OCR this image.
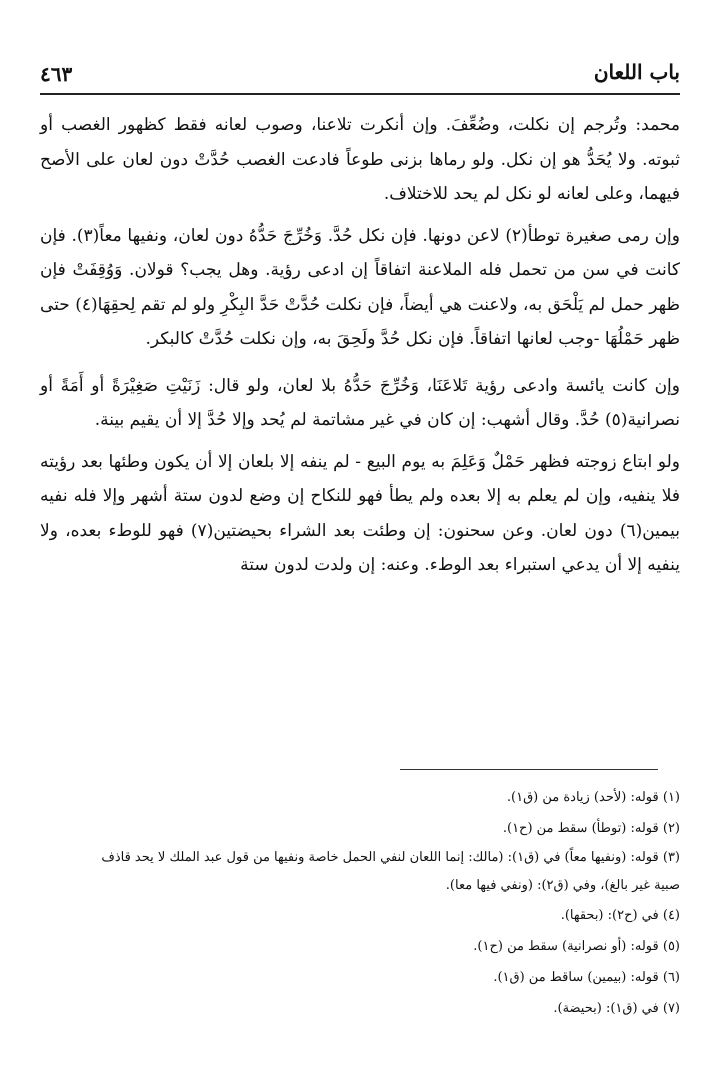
باب اللعان
٤٦٣

محمد: وتُرجم إن نكلت، وضُعِّفَ. وإن أنكرت تلاعنا، وصوب لعانه فقط كظهور الغصب أو ثبوته. ولا يُحَدُّ هو إن نكل. ولو رماها بزنى طوعاً فادعت الغصب حُدَّتْ دون لعان على الأصح فيهما، وعلى لعانه لو نكل لم يحد للاختلاف.

وإن رمى صغيرة توطأ(٢) لاعن دونها. فإن نكل حُدَّ. وَخُرِّجَ حَدُّهُ دون لعان، ونفيها معاً(٣). فإن كانت في سن من تحمل فله الملاعنة اتفاقاً إن ادعى رؤية. وهل يجب؟ قولان. وَوُقِفَتْ فإن ظهر حمل لم يَلْحَق به، ولاعنت هي أيضاً، فإن نكلت حُدَّتْ حَدَّ البِكْرِ ولو لم تقم لِحقِهَا(٤) حتى ظهر حَمْلُهَا -وجب لعانها اتفاقاً. فإن نكل حُدَّ ولَحِقَ به، وإن نكلت حُدَّتْ كالبكر.

وإن كانت يائسة وادعى رؤية تَلاعَنَا، وَخُرِّجَ حَدُّهُ بلا لعان، ولو قال: زَنَيْتِ صَغِيْرَةً أو أَمَةً أو نصرانية(٥) حُدَّ. وقال أشهب: إن كان في غير مشاتمة لم يُحد وإلا حُدَّ إلا أن يقيم بينة.

ولو ابتاع زوجته فظهر حَمْلٌ وَعَلِمَ به يوم البيع - لم ينفه إلا بلعان إلا أن يكون وطئها بعد رؤيته فلا ينفيه، وإن لم يعلم به إلا بعده ولم يطأ فهو للنكاح إن وضع لدون ستة أشهر وإلا فله نفيه بيمين(٦) دون لعان. وعن سحنون: إن وطئت بعد الشراء بحيضتين(٧) فهو للوطء بعده، ولا ينفيه إلا أن يدعي استبراء بعد الوطء. وعنه: إن ولدت لدون ستة

(١) قوله: (لأحد) زيادة من (ق١).
(٢) قوله: (توطأ) سقط من (ح١).
(٣) قوله: (ونفيها معاً) في (ق١): (مالك: إنما اللعان لنفي الحمل خاصة ونفيها من قول عبد الملك لا يحد قاذف
صبية غير بالغ)، وفي (ق٢): (ونفي فيها معا).
(٤) في (ح٢): (بحقها).
(٥) قوله: (أو نصرانية) سقط من (ح١).
(٦) قوله: (بيمين) ساقط من (ق١).
(٧) في (ق١): (بحيضة).
